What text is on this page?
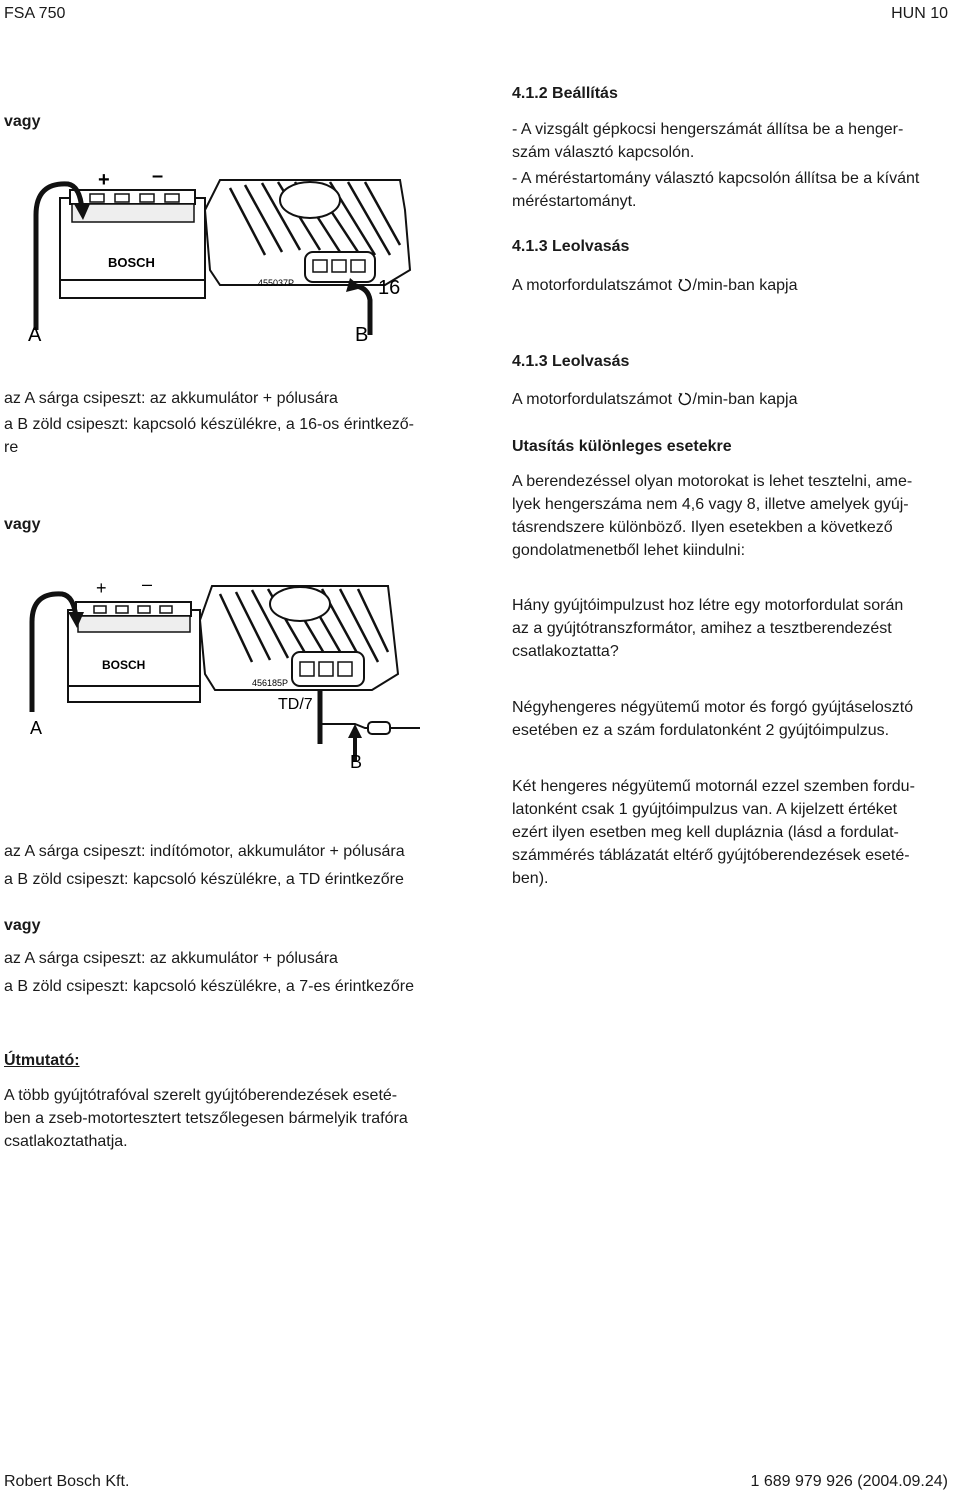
FSA 750	HUN 10
vagy
BOSCH
+ –
455037P	16
A	B

az A sárga csipeszt: az akkumulátor + pólusára

a B zöld csipeszt: kapcsoló készülékre, a 16-os érintkező-

re

vagy
BOSCH
+ –
456185P
TD/7
A
B

az A sárga csipeszt: indítómotor, akkumulátor + pólusára

a B zöld csipeszt: kapcsoló készülékre, a TD érintkezőre

vagy

az A sárga csipeszt: az akkumulátor + pólusára

a B zöld csipeszt: kapcsoló készülékre, a 7-es érintkezőre

Útmutató:

A több gyújtótrafóval szerelt gyújtóberendezések eseté-

ben a zseb-motortesztert tetszőlegesen bármelyik trafóra

csatlakoztathatja.

4.1.2 Beállítás

- A vizsgált gépkocsi hengerszámát állítsa be a henger-

szám választó kapcsolón.

- A méréstartomány választó kapcsolón állítsa be a kívánt

méréstartományt.

4.1.3 Leolvasás
A motorfordulatszámot /min-ban kapja
4.1.3 Leolvasás
A motorfordulatszámot /min-ban kapja
Utasítás különleges esetekre

A berendezéssel olyan motorokat is lehet tesztelni, ame-

lyek hengerszáma nem 4,6 vagy 8, illetve amelyek gyúj-

tásrendszere különböző. Ilyen esetekben a következő

gondolatmenetből lehet kiindulni:

Hány gyújtóimpulzust hoz létre egy motorfordulat során

az a gyújtótranszformátor, amihez a tesztberendezést

csatlakoztatta?

Négyhengeres négyütemű motor és forgó gyújtáselosztó

esetében ez a szám fordulatonként 2 gyújtóimpulzus.

Két hengeres négyütemű motornál ezzel szemben fordu-

latonként csak 1 gyújtóimpulzus van. A kijelzett értéket

ezért ilyen esetben meg kell dupláznia (lásd a fordulat-

számmérés táblázatát eltérő gyújtóberendezések eseté-

ben).

Robert Bosch Kft.	1 689 979 926 (2004.09.24)
